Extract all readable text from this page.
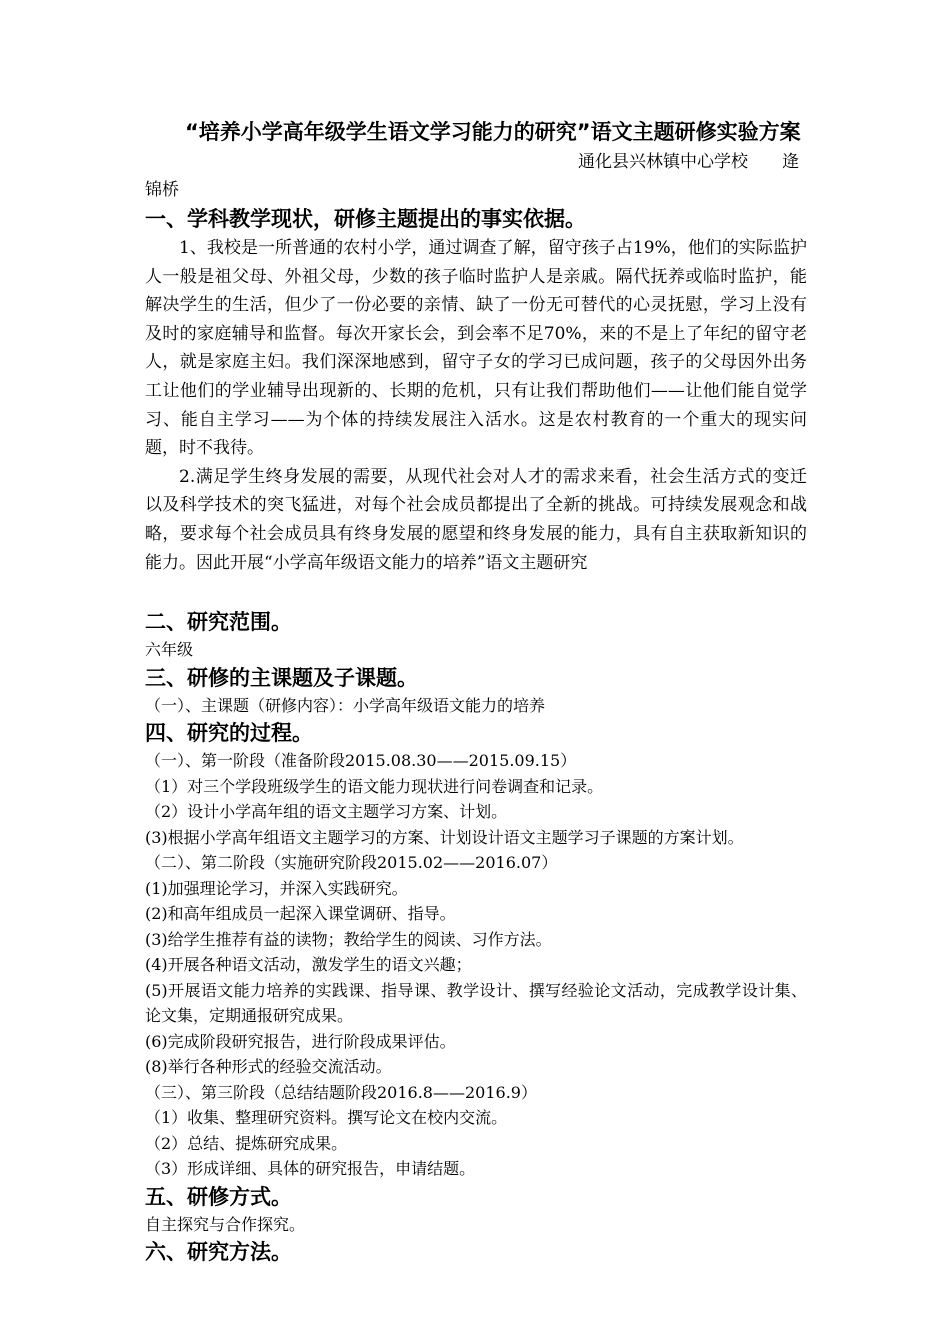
“培养小学高年级学生语文学习能力的研究”语文主题研修实验方案

通化县兴林镇中心学校　　逄
锦桥

一、学科教学现状，研修主题提出的事实依据。

1、我校是一所普通的农村小学，通过调查了解，留守孩子占19%，他们的实际监护人一般是祖父母、外祖父母，少数的孩子临时监护人是亲戚。隔代抚养或临时监护，能解决学生的生活，但少了一份必要的亲情、缺了一份无可替代的心灵抚慰，学习上没有及时的家庭辅导和监督。每次开家长会，到会率不足70%，来的不是上了年纪的留守老人，就是家庭主妇。我们深深地感到，留守子女的学习已成问题，孩子的父母因外出务工让他们的学业辅导出现新的、长期的危机，只有让我们帮助他们——让他们能自觉学习、能自主学习——为个体的持续发展注入活水。这是农村教育的一个重大的现实问题，时不我待。

2.满足学生终身发展的需要，从现代社会对人才的需求来看，社会生活方式的变迁以及科学技术的突飞猛进，对每个社会成员都提出了全新的挑战。可持续发展观念和战略，要求每个社会成员具有终身发展的愿望和终身发展的能力，具有自主获取新知识的能力。因此开展“小学高年级语文能力的培养”语文主题研究

二、研究范围。

六年级

三、研修的主课题及子课题。

（一）、主课题（研修内容）：小学高年级语文能力的培养

四、研究的过程。

（一）、第一阶段（准备阶段2015.08.30——2015.09.15）

（1）对三个学段班级学生的语文能力现状进行问卷调查和记录。

（2）设计小学高年组的语文主题学习方案、计划。

(3)根据小学高年组语文主题学习的方案、计划设计语文主题学习子课题的方案计划。

（二）、第二阶段（实施研究阶段2015.02——2016.07）

(1)加强理论学习，并深入实践研究。

(2)和高年组成员一起深入课堂调研、指导。

(3)给学生推荐有益的读物；教给学生的阅读、习作方法。

(4)开展各种语文活动，激发学生的语文兴趣；

(5)开展语文能力培养的实践课、指导课、教学设计、撰写经验论文活动，完成教学设计集、论文集，定期通报研究成果。

(6)完成阶段研究报告，进行阶段成果评估。

(8)举行各种形式的经验交流活动。

（三）、第三阶段（总结结题阶段2016.8——2016.9）

（1）收集、整理研究资料。撰写论文在校内交流。

（2）总结、提炼研究成果。

（3）形成详细、具体的研究报告，申请结题。

五、研修方式。

自主探究与合作探究。

六、研究方法。
